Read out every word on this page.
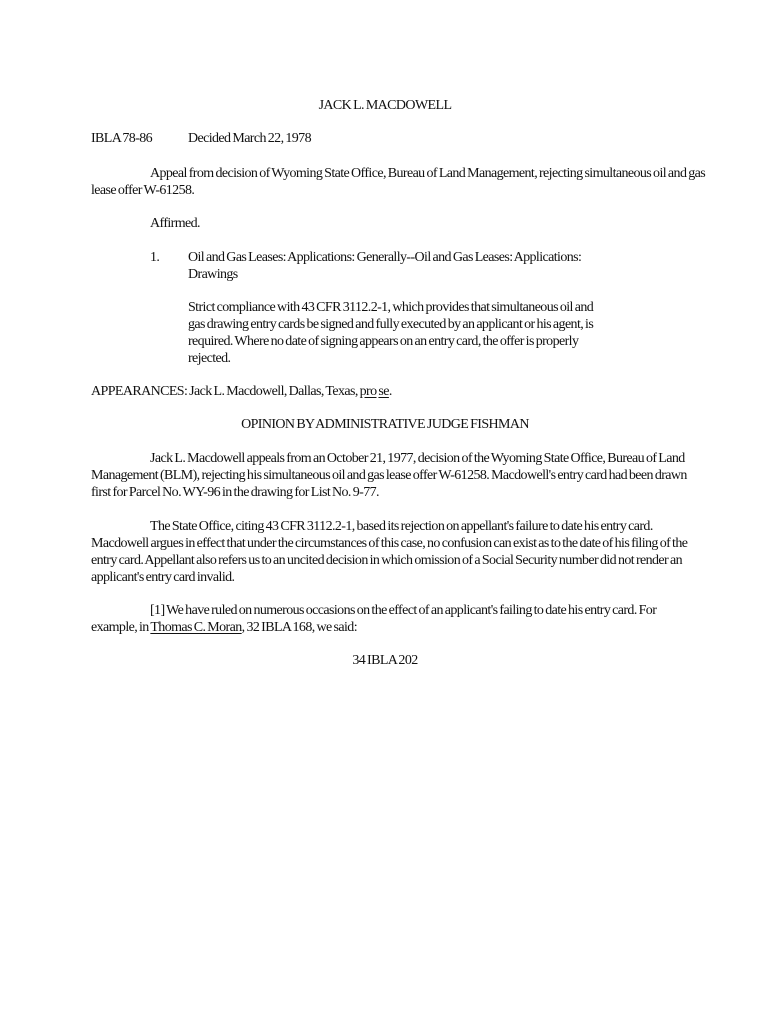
JACK L. MACDOWELL
IBLA 78-86	Decided March 22, 1978
Appeal from decision of Wyoming State Office, Bureau of Land Management, rejecting simultaneous oil and gas
lease offer W-61258.
Affirmed.
1. Oil and Gas Leases: Applications: Generally--Oil and Gas Leases: Applications:
Drawings
Strict compliance with 43 CFR 3112.2-1, which provides that simultaneous oil and
gas drawing entry cards be signed and fully executed by an applicant or his agent, is
required. Where no date of signing appears on an entry card, the offer is properly
rejected.
APPEARANCES: Jack L. Macdowell, Dallas, Texas, pro se.
OPINION BY ADMINISTRATIVE JUDGE FISHMAN
Jack L. Macdowell appeals from an October 21, 1977, decision of the Wyoming State Office, Bureau of Land
Management (BLM), rejecting his simultaneous oil and gas lease offer W-61258. Macdowell's entry card had been drawn
first for Parcel No. WY-96 in the drawing for List No. 9-77.
The State Office, citing 43 CFR 3112.2-1, based its rejection on appellant's failure to date his entry card.
Macdowell argues in effect that under the circumstances of this case, no confusion can exist as to the date of his filing of the
entry card. Appellant also refers us to an uncited decision in which omission of a Social Security number did not render an
applicant's entry card invalid.
[1] We have ruled on numerous occasions on the effect of an applicant's failing to date his entry card. For
example, in Thomas C. Moran, 32 IBLA 168, we said:
34 IBLA 202
